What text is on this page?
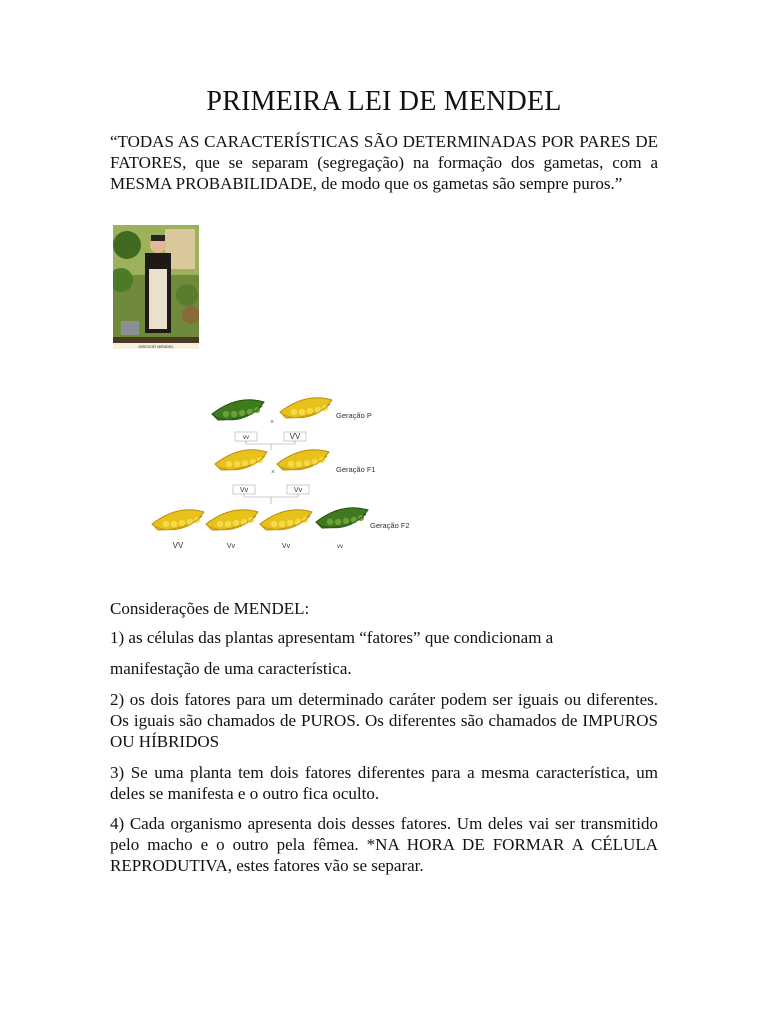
PRIMEIRA LEI DE MENDEL

“TODAS AS CARACTERÍSTICAS SÃO DETERMINADAS POR PARES DE FATORES, que se separam (segregação) na formação dos gametas, com a MESMA PROBABILIDADE, de modo que os gametas são sempre puros.”

GREGOR MENDEL
×
Geração P
vv	VV
×	Geração F1
Vv	Vv
Geração F2
VV	Vv	Vv	vv

Considerações de MENDEL:

1) as células das plantas apresentam “fatores” que condicionam a

manifestação de uma característica.

2) os dois fatores para um determinado caráter podem ser iguais ou diferentes. Os iguais são chamados de PUROS. Os diferentes são chamados de IMPUROS OU HÍBRIDOS

3) Se uma planta tem dois fatores diferentes para a mesma característica, um deles se manifesta e o outro fica oculto.

4) Cada organismo apresenta dois desses fatores. Um deles vai ser transmitido pelo macho e o outro pela fêmea. *NA HORA DE FORMAR A CÉLULA REPRODUTIVA, estes fatores vão se separar.
